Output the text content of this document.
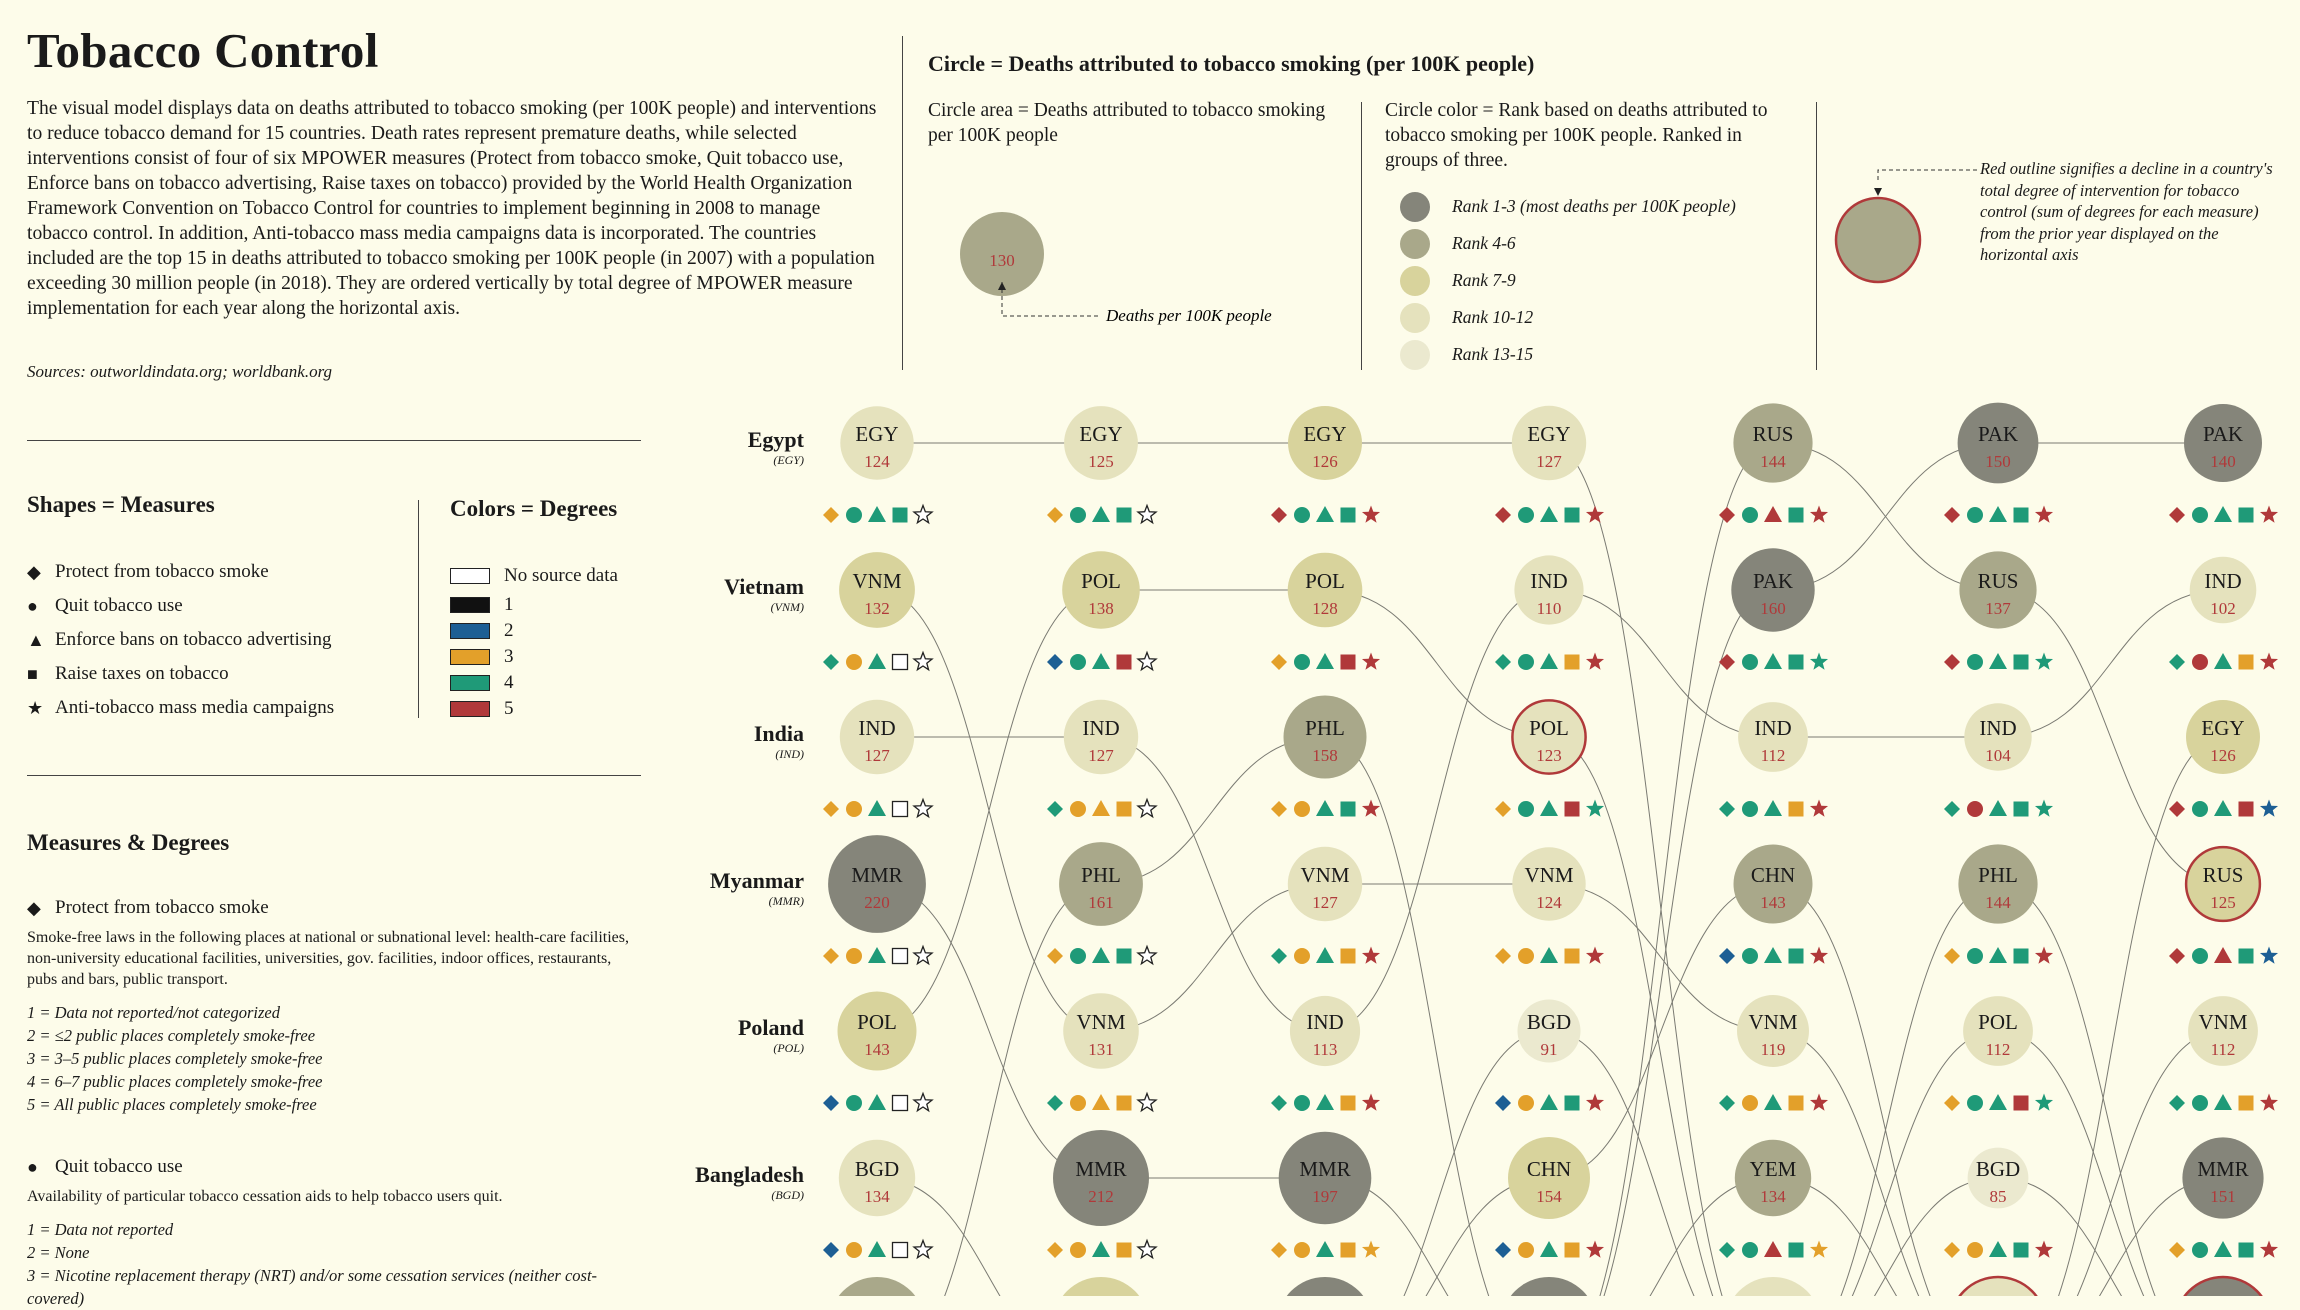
Tobacco Control

The visual model displays data on deaths attributed to tobacco smoking (per 100K people) and interventions to reduce tobacco demand for 15 countries. Death rates represent premature deaths, while selected interventions consist of four of six MPOWER measures (Protect from tobacco smoke, Quit tobacco use, Enforce bans on tobacco advertising, Raise taxes on tobacco) provided by the World Health Organization Framework Convention on Tobacco Control for countries to implement beginning in 2008 to manage tobacco control. In addition, Anti-tobacco mass media campaigns data is incorporated. The countries included are the top 15 in deaths attributed to tobacco smoking per 100K people (in 2007) with a population exceeding 30 million people (in 2018). They are ordered vertically by total degree of MPOWER measure implementation for each year along the horizontal axis.

Sources: outworldindata.org; worldbank.org
Circle = Deaths attributed to tobacco smoking (per 100K people)
Circle area = Deaths attributed to tobacco smoking per 100K people
130
Deaths per 100K people
Circle color = Rank based on deaths attributed to tobacco smoking per 100K people. Ranked in groups of three.
Rank 1-3 (most deaths per 100K people)
Rank 4-6
Rank 7-9
Rank 10-12
Rank 13-15
Red outline signifies a decline in a country's total degree of intervention for tobacco control (sum of degrees for each measure) from the prior year displayed on the horizontal axis
Shapes = Measures
◆ Protect from tobacco smoke
● Quit tobacco use
▲ Enforce bans on tobacco advertising
■ Raise taxes on tobacco
★ Anti-tobacco mass media campaigns
Colors = Degrees
No source data
1
2
3
4
5
Measures & Degrees
◆ Protect from tobacco smoke
Smoke-free laws in the following places at national or subnational level: health-care facilities, non-university educational facilities, universities, gov. facilities, indoor offices, restaurants, pubs and bars, public transport.
1 = Data not reported/not categorized
2 = ≤2 public places completely smoke-free
3 = 3–5 public places completely smoke-free
4 = 6–7 public places completely smoke-free
5 = All public places completely smoke-free
● Quit tobacco use
Availability of particular tobacco cessation aids to help tobacco users quit.
1 = Data not reported
2 = None
3 = Nicotine replacement therapy (NRT) and/or some cessation services (neither cost-covered)
Egypt
(EGY)
Vietnam
(VNM)
India
(IND)
Myanmar
(MMR)
Poland
(POL)
Bangladesh
(BGD)
EGY
124
VNM
132
IND
127
MMR
220
POL
143
BGD
134
EGY
125
POL
138
IND
127
PHL
161
VNM
131
MMR
212
EGY
126
POL
128
PHL
158
VNM
127
IND
113
MMR
197
EGY
127
IND
110
POL
123
VNM
124
BGD
91
CHN
154
RUS
144
PAK
160
IND
112
CHN
143
VNM
119
YEM
134
PAK
150
RUS
137
IND
104
PHL
144
POL
112
BGD
85
PAK
140
IND
102
EGY
126
RUS
125
VNM
112
MMR
151
